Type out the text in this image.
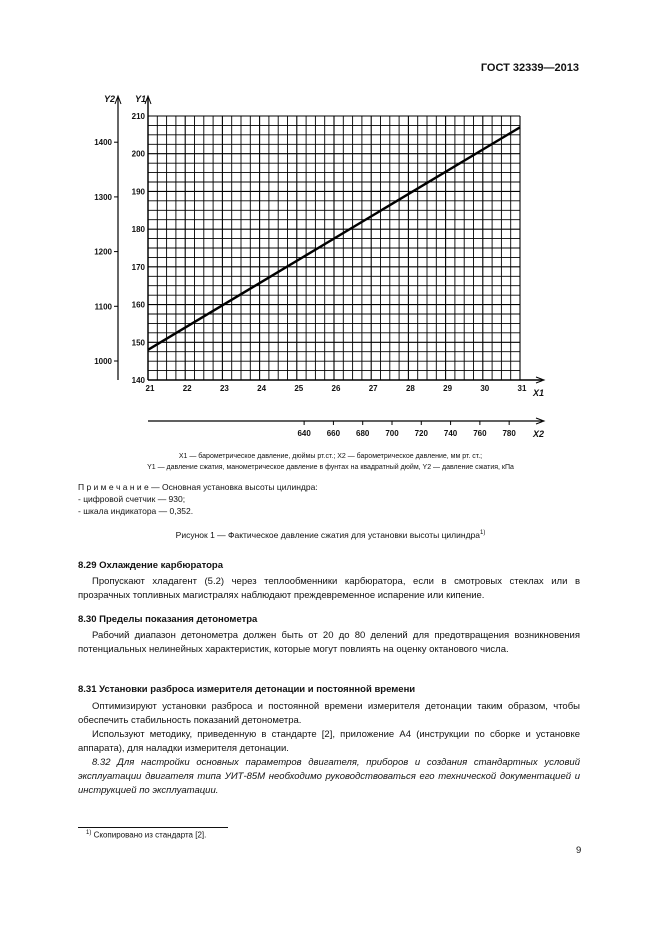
ГОСТ 32339—2013
140
150
160
170
180
190
200
210
1000
1100
1200
1300
1400
21	22	23	24	25	26	27	28	29	30	31
640 660 680 700 720 740 760 780
Y1
Y2
X1
X2
X1 — барометрическое давление, дюймы рт.ст.; X2 — барометрическое давление, мм рт. ст.;
Y1 — давление сжатия, манометрическое давление в фунтах на квадратный дюйм, Y2 — давление сжатия, кПа
П р и м е ч а н и е — Основная установка высоты цилиндра:
- цифровой счетчик — 930;
- шкала индикатора — 0,352.
Рисунок 1 — Фактическое давление сжатия для установки высоты цилиндра$^{1)}$
8.29 Охлаждение карбюратора

Пропускают хладагент (5.2) через теплообменники карбюратора, если в смотровых стеклах или в прозрачных топливных магистралях наблюдают преждевременное испарение или кипение.

8.30 Пределы показания детонометра

Рабочий диапазон детонометра должен быть от 20 до 80 делений для предотвращения возникновения потенциальных нелинейных характеристик, которые могут повлиять на оценку октанового числа.

8.31 Установки разброса измерителя детонации и постоянной времени

Оптимизируют установки разброса и постоянной времени измерителя детонации таким образом, чтобы обеспечить стабильность показаний детонометра.

Используют методику, приведенную в стандарте [2], приложение А4 (инструкции по сборке и установке аппарата), для наладки измерителя детонации.

8.32 Для настройки основных параметров двигателя, приборов и создания стандартных условий эксплуатации двигателя типа УИТ-85М необходимо руководствоваться его технической документацией и инструкцией по эксплуатации.

$^{1)}$ Скопировано из стандарта [2].
9
